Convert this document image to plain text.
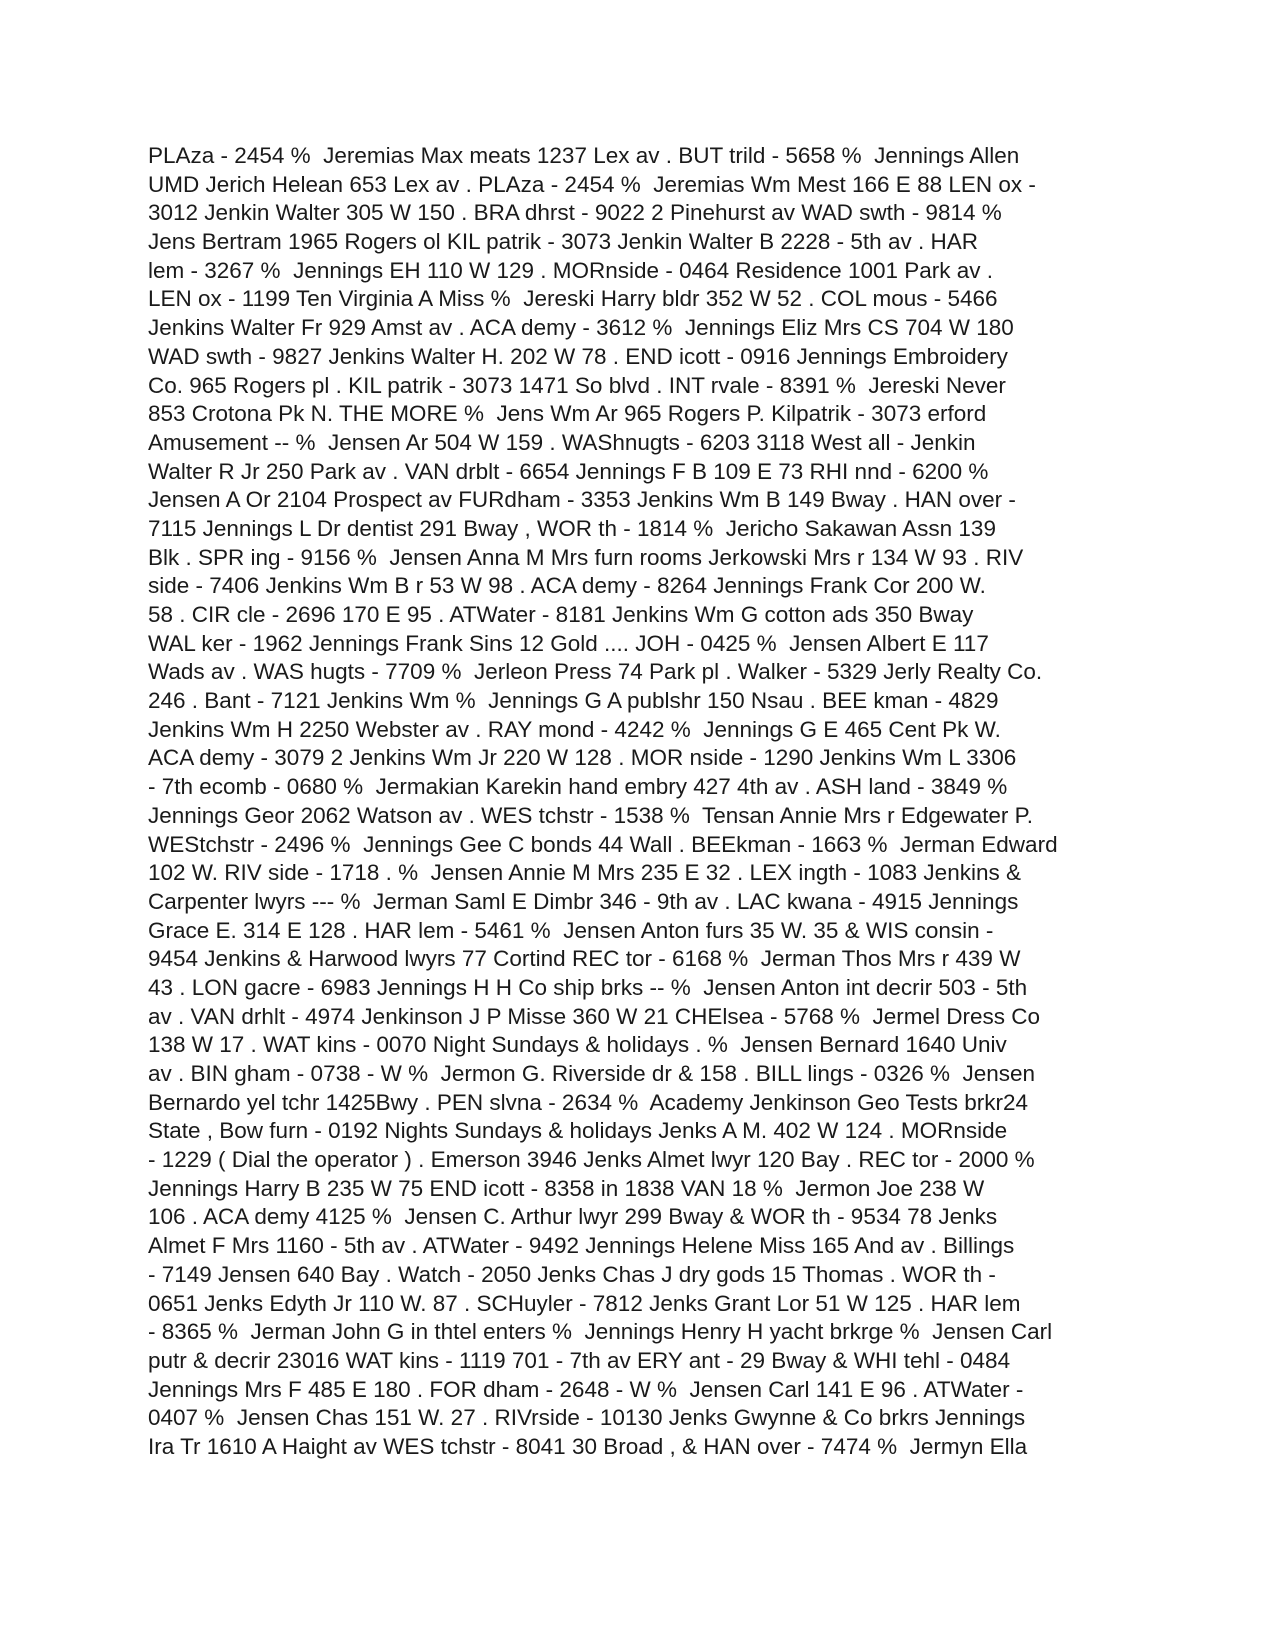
PLAza - 2454 %  Jeremias Max meats 1237 Lex av . BUT trild - 5658 %  Jennings Allen
UMD Jerich Helean 653 Lex av . PLAza - 2454 %  Jeremias Wm Mest 166 E 88 LEN ox -
3012 Jenkin Walter 305 W 150 . BRA dhrst - 9022 2 Pinehurst av WAD swth - 9814 %
Jens Bertram 1965 Rogers ol KIL patrik - 3073 Jenkin Walter B 2228 - 5th av . HAR
lem - 3267 %  Jennings EH 110 W 129 . MORnside - 0464 Residence 1001 Park av .
LEN ox - 1199 Ten Virginia A Miss %  Jereski Harry bldr 352 W 52 . COL mous - 5466
Jenkins Walter Fr 929 Amst av . ACA demy - 3612 %  Jennings Eliz Mrs CS 704 W 180
WAD swth - 9827 Jenkins Walter H. 202 W 78 . END icott - 0916 Jennings Embroidery
Co. 965 Rogers pl . KIL patrik - 3073 1471 So blvd . INT rvale - 8391 %  Jereski Never
853 Crotona Pk N. THE MORE %  Jens Wm Ar 965 Rogers P. Kilpatrik - 3073 erford
Amusement -- %  Jensen Ar 504 W 159 . WAShnugts - 6203 3118 West all - Jenkin
Walter R Jr 250 Park av . VAN drblt - 6654 Jennings F B 109 E 73 RHI nnd - 6200 %
Jensen A Or 2104 Prospect av FURdham - 3353 Jenkins Wm B 149 Bway . HAN over -
7115 Jennings L Dr dentist 291 Bway , WOR th - 1814 %  Jericho Sakawan Assn 139
Blk . SPR ing - 9156 %  Jensen Anna M Mrs furn rooms Jerkowski Mrs r 134 W 93 . RIV
side - 7406 Jenkins Wm B r 53 W 98 . ACA demy - 8264 Jennings Frank Cor 200 W.
58 . CIR cle - 2696 170 E 95 . ATWater - 8181 Jenkins Wm G cotton ads 350 Bway
WAL ker - 1962 Jennings Frank Sins 12 Gold .... JOH - 0425 %  Jensen Albert E 117
Wads av . WAS hugts - 7709 %  Jerleon Press 74 Park pl . Walker - 5329 Jerly Realty Co.
246 . Bant - 7121 Jenkins Wm %  Jennings G A publshr 150 Nsau . BEE kman - 4829
Jenkins Wm H 2250 Webster av . RAY mond - 4242 %  Jennings G E 465 Cent Pk W.
ACA demy - 3079 2 Jenkins Wm Jr 220 W 128 . MOR nside - 1290 Jenkins Wm L 3306
- 7th ecomb - 0680 %  Jermakian Karekin hand embry 427 4th av . ASH land - 3849 %
Jennings Geor 2062 Watson av . WES tchstr - 1538 %  Tensan Annie Mrs r Edgewater P.
WEStchstr - 2496 %  Jennings Gee C bonds 44 Wall . BEEkman - 1663 %  Jerman Edward
102 W. RIV side - 1718 . %  Jensen Annie M Mrs 235 E 32 . LEX ingth - 1083 Jenkins &
Carpenter lwyrs --- %  Jerman Saml E Dimbr 346 - 9th av . LAC kwana - 4915 Jennings
Grace E. 314 E 128 . HAR lem - 5461 %  Jensen Anton furs 35 W. 35 & WIS consin -
9454 Jenkins & Harwood lwyrs 77 Cortind REC tor - 6168 %  Jerman Thos Mrs r 439 W
43 . LON gacre - 6983 Jennings H H Co ship brks -- %  Jensen Anton int decrir 503 - 5th
av . VAN drhlt - 4974 Jenkinson J P Misse 360 W 21 CHElsea - 5768 %  Jermel Dress Co
138 W 17 . WAT kins - 0070 Night Sundays & holidays . %  Jensen Bernard 1640 Univ
av . BIN gham - 0738 - W %  Jermon G. Riverside dr & 158 . BILL lings - 0326 %  Jensen
Bernardo yel tchr 1425Bwy . PEN slvna - 2634 %  Academy Jenkinson Geo Tests brkr24
State , Bow furn - 0192 Nights Sundays & holidays Jenks A M. 402 W 124 . MORnside
- 1229 ( Dial the operator ) . Emerson 3946 Jenks Almet lwyr 120 Bay . REC tor - 2000 %
Jennings Harry B 235 W 75 END icott - 8358 in 1838 VAN 18 %  Jermon Joe 238 W
106 . ACA demy 4125 %  Jensen C. Arthur lwyr 299 Bway & WOR th - 9534 78 Jenks
Almet F Mrs 1160 - 5th av . ATWater - 9492 Jennings Helene Miss 165 And av . Billings
- 7149 Jensen 640 Bay . Watch - 2050 Jenks Chas J dry gods 15 Thomas . WOR th -
0651 Jenks Edyth Jr 110 W. 87 . SCHuyler - 7812 Jenks Grant Lor 51 W 125 . HAR lem
- 8365 %  Jerman John G in thtel enters %  Jennings Henry H yacht brkrge %  Jensen Carl
putr & decrir 23016 WAT kins - 1119 701 - 7th av ERY ant - 29 Bway & WHI tehl - 0484
Jennings Mrs F 485 E 180 . FOR dham - 2648 - W %  Jensen Carl 141 E 96 . ATWater -
0407 %  Jensen Chas 151 W. 27 . RIVrside - 10130 Jenks Gwynne & Co brkrs Jennings
Ira Tr 1610 A Haight av WES tchstr - 8041 30 Broad , & HAN over - 7474 %  Jermyn Ella
